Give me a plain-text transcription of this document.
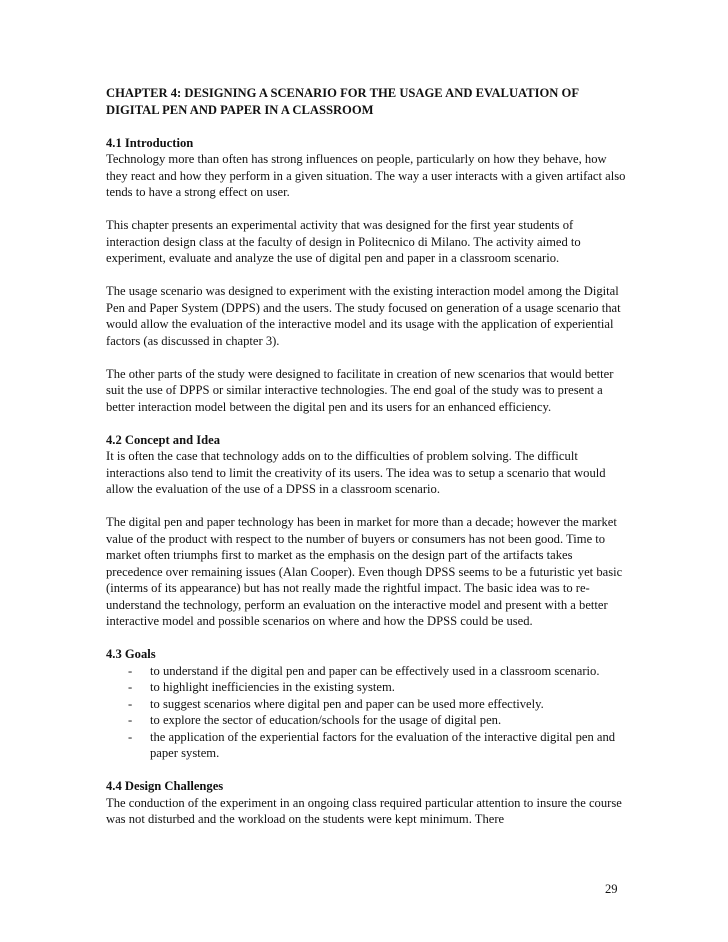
CHAPTER 4: DESIGNING A SCENARIO FOR THE USAGE AND EVALUATION OF DIGITAL PEN AND PAPER IN A CLASSROOM

4.1 Introduction

Technology more than often has strong influences on people, particularly on how they behave, how they react and how they perform in a given situation. The way a user interacts with a given artifact also tends to have a strong effect on user.

This chapter presents an experimental activity that was designed for the first year students of interaction design class at the faculty of design in Politecnico di Milano. The activity aimed to experiment, evaluate and analyze the use of digital pen and paper in a classroom scenario.

The usage scenario was designed to experiment with the existing interaction model among the Digital Pen and Paper System (DPPS) and the users. The study focused on generation of a usage scenario that would allow the evaluation of the interactive model and its usage with the application of experiential factors (as discussed in chapter 3).

The other parts of the study were designed to facilitate in creation of new scenarios that would better suit the use of DPPS or similar interactive technologies. The end goal of the study was to present a better interaction model between the digital pen and its users for an enhanced efficiency.

4.2 Concept and Idea

It is often the case that technology adds on to the difficulties of problem solving. The difficult interactions also tend to limit the creativity of its users. The idea was to setup a scenario that would allow the evaluation of the use of a DPSS in a classroom scenario.

The digital pen and paper technology has been in market for more than a decade; however the market value of the product with respect to the number of buyers or consumers has not been good. Time to market often triumphs first to market as the emphasis on the design part of the artifacts takes precedence over remaining issues (Alan Cooper). Even though DPSS seems to be a futuristic yet basic (interms of its appearance) but has not really made the rightful impact. The basic idea was to re-understand the technology, perform an evaluation on the interactive model and present with a better interactive model and possible scenarios on where and how the DPSS could be used.

4.3 Goals

- to understand if the digital pen and paper can be effectively used in a classroom scenario.
- to highlight inefficiencies in the existing system.
- to suggest scenarios where digital pen and paper can be used more effectively.
- to explore the sector of education/schools for the usage of digital pen.
- the application of the experiential factors for the evaluation of the interactive digital pen and paper system.

4.4 Design Challenges

The conduction of the experiment in an ongoing class required particular attention to insure the course was not disturbed and the workload on the students were kept minimum. There

29
